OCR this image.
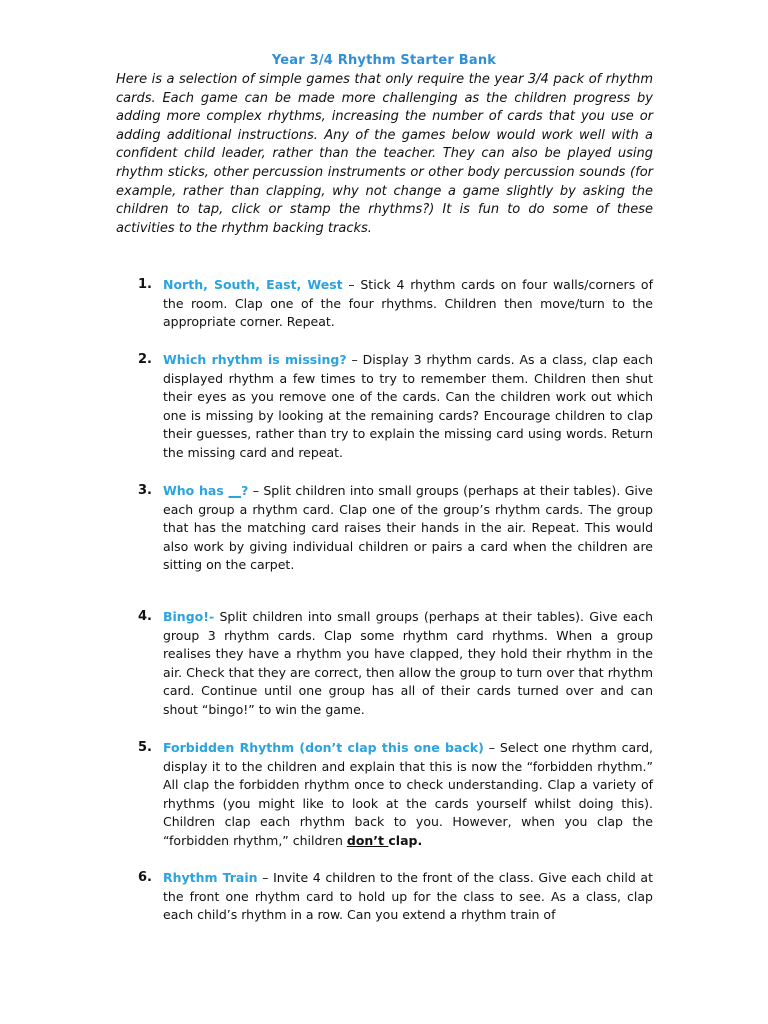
Year 3/4 Rhythm Starter Bank

Here is a selection of simple games that only require the year 3/4 pack of rhythm cards. Each game can be made more challenging as the children progress by adding more complex rhythms, increasing the number of cards that you use or adding additional instructions. Any of the games below would work well with a confident child leader, rather than the teacher. They can also be played using rhythm sticks, other percussion instruments or other body percussion sounds (for example, rather than clapping, why not change a game slightly by asking the children to tap, click or stamp the rhythms?) It is fun to do some of these activities to the rhythm backing tracks.

1. North, South, East, West – Stick 4 rhythm cards on four walls/corners of the room. Clap one of the four rhythms. Children then move/turn to the appropriate corner. Repeat.

2. Which rhythm is missing? – Display 3 rhythm cards. As a class, clap each displayed rhythm a few times to try to remember them. Children then shut their eyes as you remove one of the cards. Can the children work out which one is missing by looking at the remaining cards? Encourage children to clap their guesses, rather than try to explain the missing card using words. Return the missing card and repeat.

3. Who has __? – Split children into small groups (perhaps at their tables). Give each group a rhythm card. Clap one of the group’s rhythm cards. The group that has the matching card raises their hands in the air. Repeat. This would also work by giving individual children or pairs a card when the children are sitting on the carpet.

4. Bingo!- Split children into small groups (perhaps at their tables). Give each group 3 rhythm cards. Clap some rhythm card rhythms. When a group realises they have a rhythm you have clapped, they hold their rhythm in the air. Check that they are correct, then allow the group to turn over that rhythm card. Continue until one group has all of their cards turned over and can shout “bingo!” to win the game.

5. Forbidden Rhythm (don’t clap this one back) – Select one rhythm card, display it to the children and explain that this is now the “forbidden rhythm.” All clap the forbidden rhythm once to check understanding. Clap a variety of rhythms (you might like to look at the cards yourself whilst doing this). Children clap each rhythm back to you. However, when you clap the “forbidden rhythm,” children don’t clap.

6. Rhythm Train – Invite 4 children to the front of the class. Give each child at the front one rhythm card to hold up for the class to see. As a class, clap each child’s rhythm in a row. Can you extend a rhythm train of
